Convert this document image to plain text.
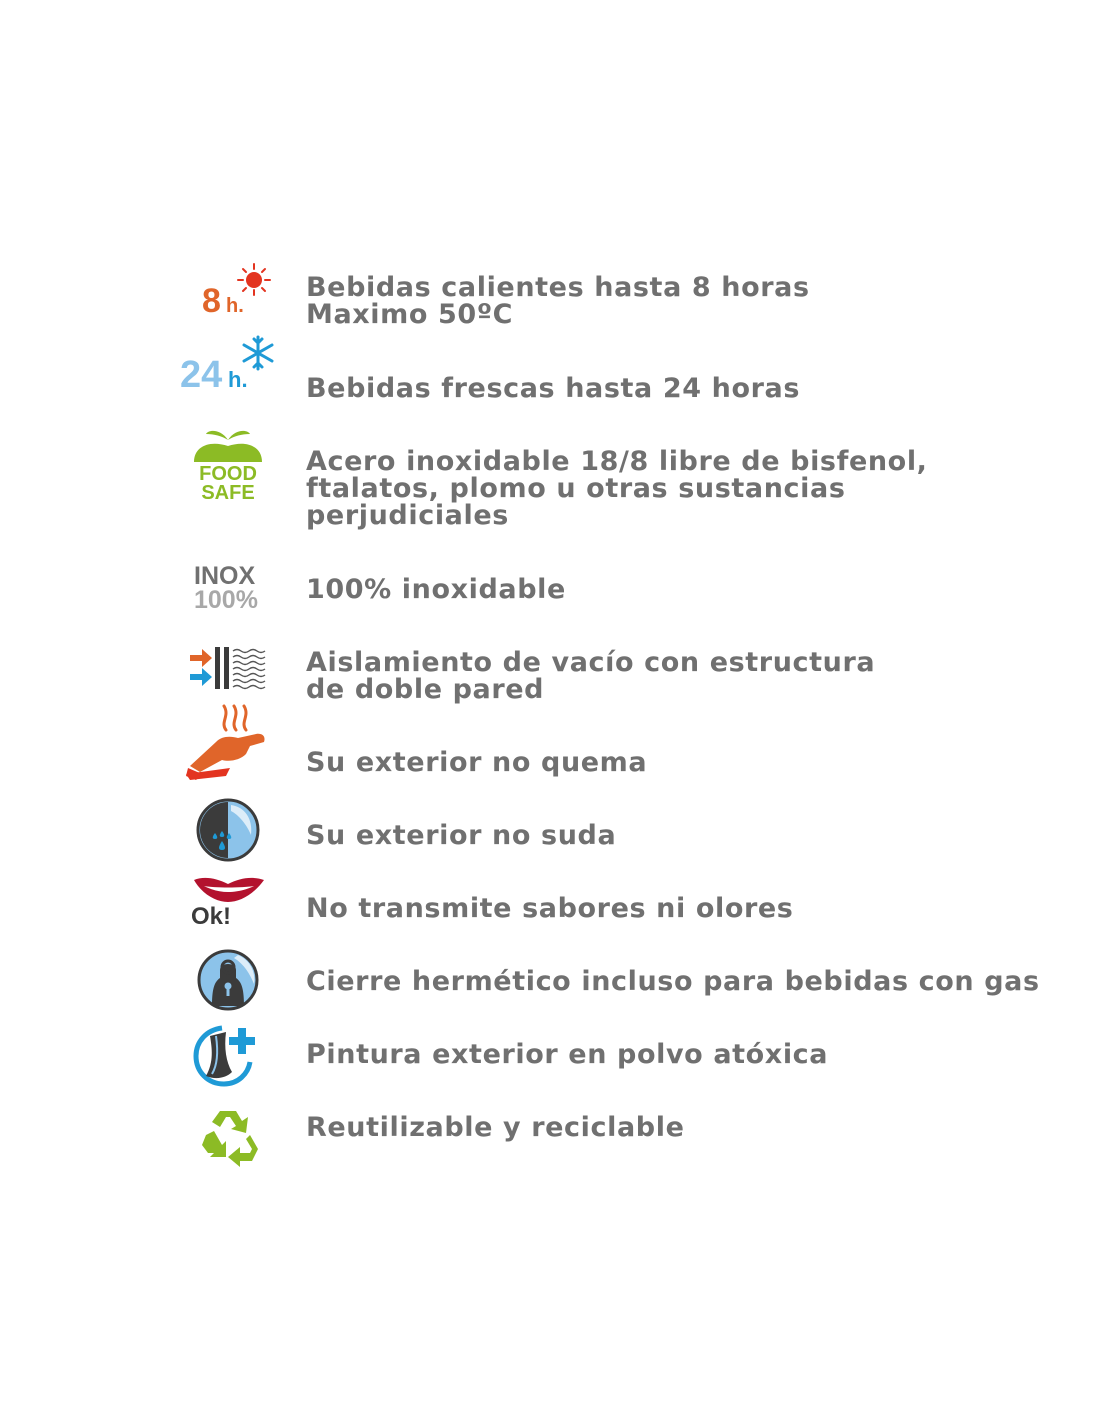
8 h.
Bebidas calientes hasta 8 horas
Maximo 50ºC
24 h. Bebidas frescas hasta 24 horas
FOOD
SAFE
Acero inoxidable 18/8 libre de bisfenol,
ftalatos, plomo u otras sustancias
perjudiciales
INOX
100% 100% inoxidable
Aislamiento de vacío con estructura
de doble pared
Su exterior no quema
Su exterior no suda
Ok!	No transmite sabores ni olores
Cierre hermético incluso para bebidas con gas
Pintura exterior en polvo atóxica
Reutilizable y reciclable
